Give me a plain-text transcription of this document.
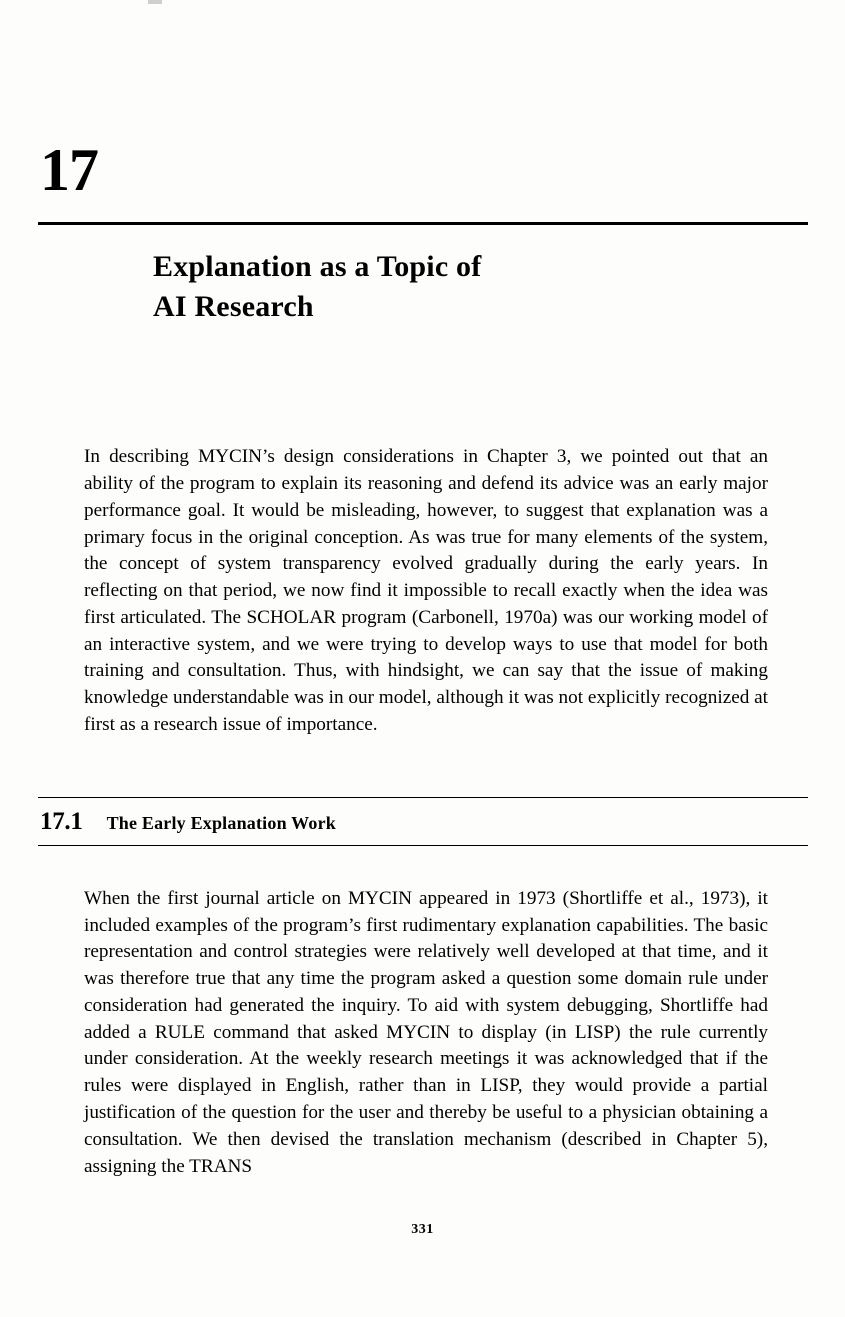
17
Explanation as a Topic of
AI Research

In describing MYCIN’s design considerations in Chapter 3, we pointed out that an ability of the program to explain its reasoning and defend its advice was an early major performance goal. It would be misleading, however, to suggest that explanation was a primary focus in the original conception. As was true for many elements of the system, the concept of system transparency evolved gradually during the early years. In reflecting on that period, we now find it impossible to recall exactly when the idea was first articulated. The SCHOLAR program (Carbonell, 1970a) was our working model of an interactive system, and we were trying to develop ways to use that model for both training and consultation. Thus, with hindsight, we can say that the issue of making knowledge understandable was in our model, although it was not explicitly recognized at first as a research issue of importance.

17.1 The Early Explanation Work

When the first journal article on MYCIN appeared in 1973 (Shortliffe et al., 1973), it included examples of the program’s first rudimentary explanation capabilities. The basic representation and control strategies were relatively well developed at that time, and it was therefore true that any time the program asked a question some domain rule under consideration had generated the inquiry. To aid with system debugging, Shortliffe had added a RULE command that asked MYCIN to display (in LISP) the rule currently under consideration. At the weekly research meetings it was acknowledged that if the rules were displayed in English, rather than in LISP, they would provide a partial justification of the question for the user and thereby be useful to a physician obtaining a consultation. We then devised the translation mechanism (described in Chapter 5), assigning the TRANS

331
